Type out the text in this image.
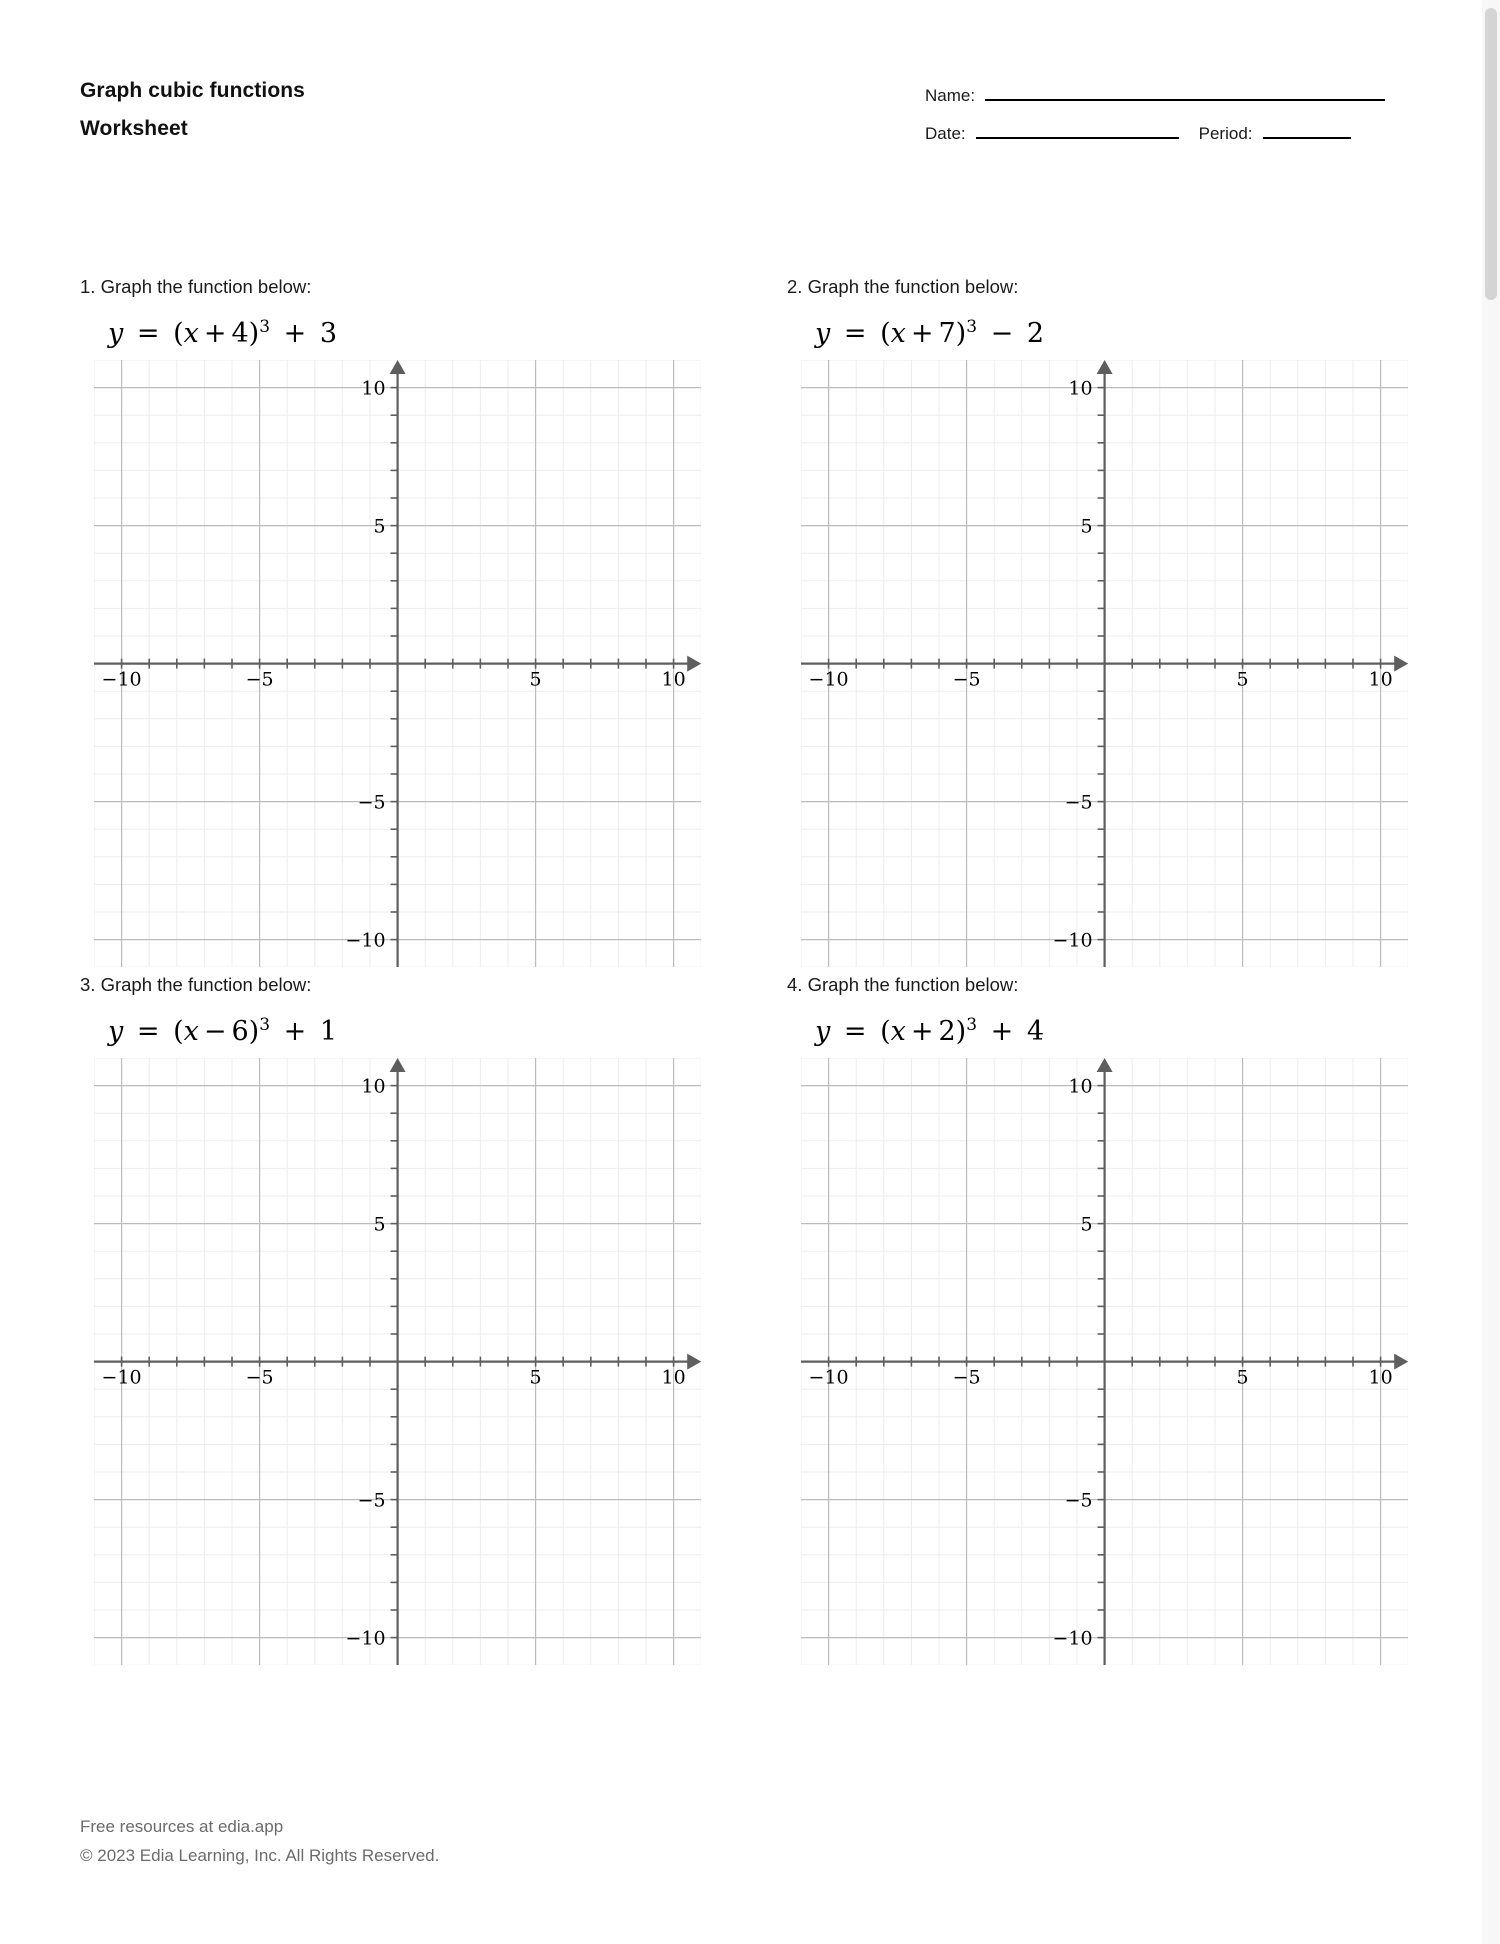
Graph cubic functions
Worksheet
Name:
Date:	Period:
1. Graph the function below:
$y = (x + 4)^3 + 3$
−10	−5	5	10
10
5
−5
−10
2. Graph the function below:
$y = (x + 7)^3 - 2$
−10	−5	5	10
10
5
−5
−10
3. Graph the function below:
$y = (x - 6)^3 + 1$
−10	−5	5	10
10
5
−5
−10
4. Graph the function below:
$y = (x + 2)^3 + 4$
−10	−5	5	10
10
5
−5
−10
Free resources at edia.app
© 2023 Edia Learning, Inc. All Rights Reserved.
